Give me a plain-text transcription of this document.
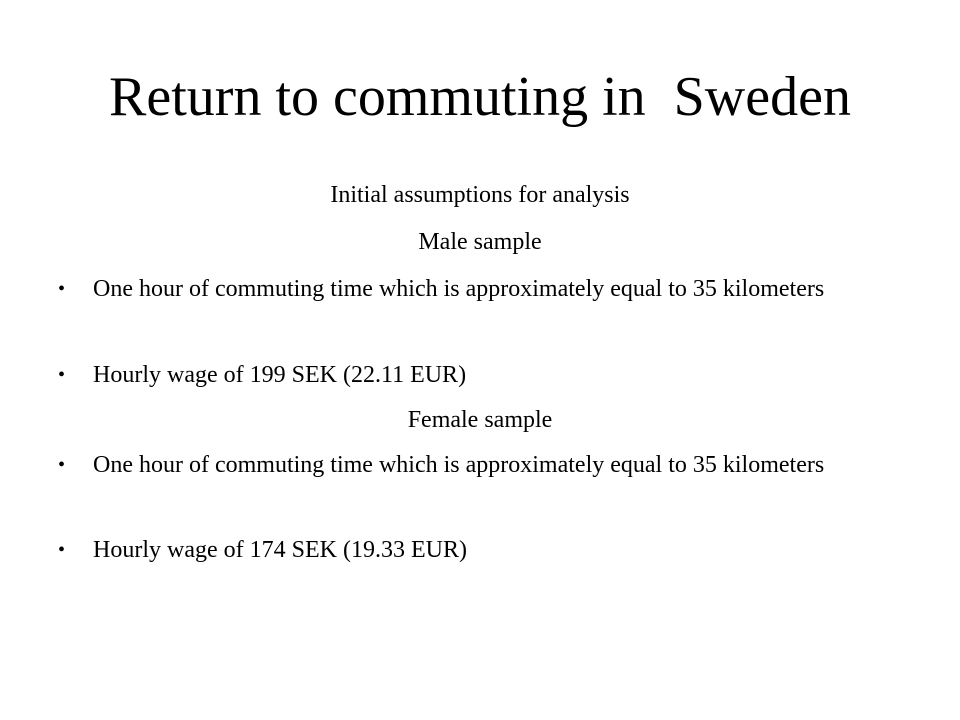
Return to commuting in  Sweden
Initial assumptions for analysis
Male sample
•	One hour of commuting time which is approximately equal to 35 kilometers
•	Hourly wage of 199 SEK (22.11 EUR)
Female sample
•	One hour of commuting time which is approximately equal to 35 kilometers
•	Hourly wage of 174 SEK (19.33 EUR)
